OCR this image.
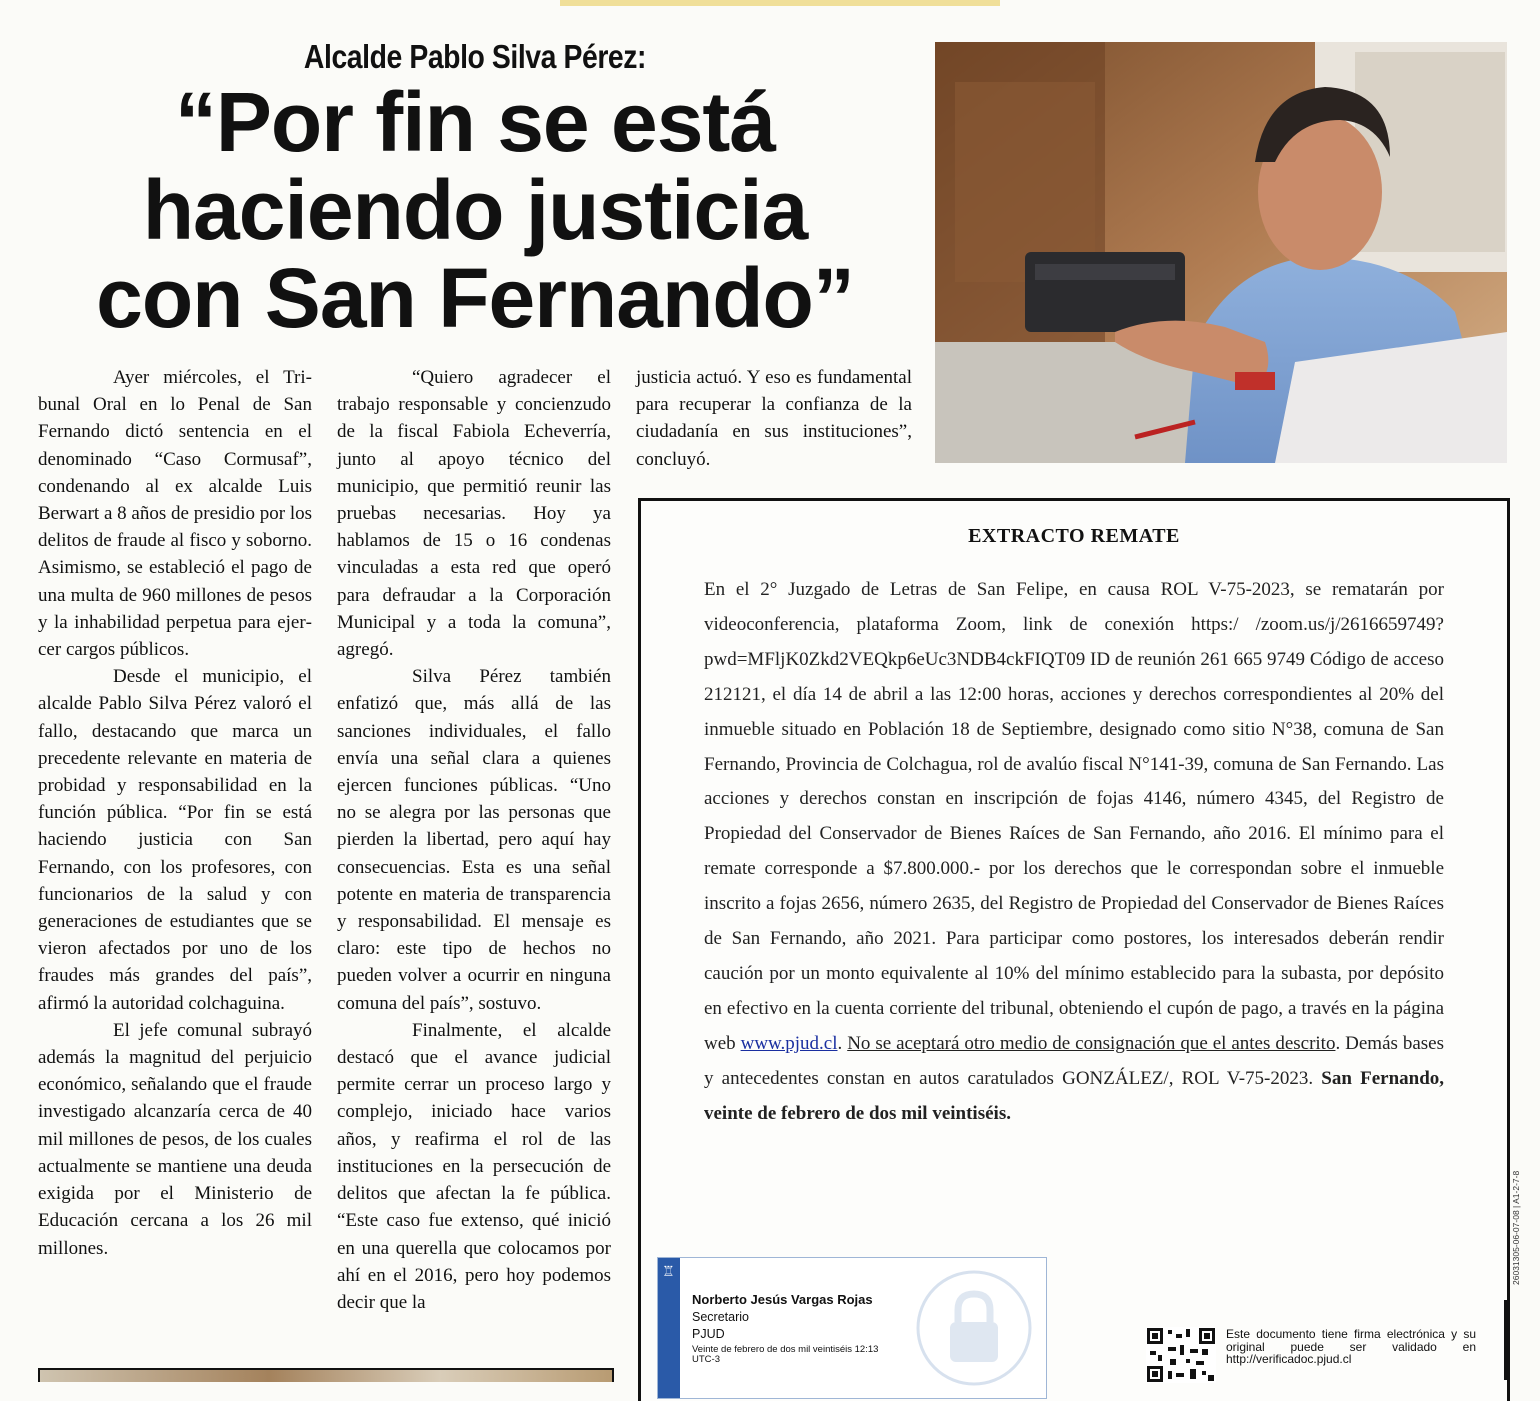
Alcalde Pablo Silva Pérez:
“Por fin se está
haciendo justicia
con San Fernando”

Ayer miércoles, el Tribunal Oral en lo Penal de San Fernando dictó sentencia en el denominado “Caso Cormusaf”, condenando al ex alcalde Luis Berwart a 8 años de presidio por los delitos de fraude al fisco y soborno. Asimismo, se estableció el pago de una multa de 960 millones de pesos y la inhabilidad perpetua para ejercer cargos públicos.

Desde el municipio, el alcalde Pablo Silva Pérez valoró el fallo, destacando que marca un precedente relevante en materia de probidad y responsabilidad en la función pública. “Por fin se está haciendo justicia con San Fernando, con los profesores, con funcionarios de la salud y con generaciones de estudiantes que se vieron afectados por uno de los fraudes más grandes del país”, afirmó la autoridad colchaguina.

El jefe comunal subrayó además la magnitud del perjuicio económico, señalando que el fraude investigado alcanzaría cerca de 40 mil millones de pesos, de los cuales actualmente se mantiene una deuda exigida por el Ministerio de Educación cercana a los 26 mil millones.

“Quiero agradecer el trabajo responsable y concienzudo de la fiscal Fabiola Echeverría, junto al apoyo técnico del municipio, que permitió reunir las pruebas necesarias. Hoy ya hablamos de 15 o 16 condenas vinculadas a esta red que operó para defraudar a la Corporación Municipal y a toda la comuna”, agregó.

Silva Pérez también enfatizó que, más allá de las sanciones individuales, el fallo envía una señal clara a quienes ejercen funciones públicas. “Uno no se alegra por las personas que pierden la libertad, pero aquí hay consecuencias. Esta es una señal potente en materia de transparencia y responsabilidad. El mensaje es claro: este tipo de hechos no pueden volver a ocurrir en ninguna comuna del país”, sostuvo.

Finalmente, el alcalde destacó que el avance judicial permite cerrar un proceso largo y complejo, iniciado hace varios años, y reafirma el rol de las instituciones en la persecución de delitos que afectan la fe pública. “Este caso fue extenso, qué inició en una querella que colocamos por ahí en el 2016, pero hoy podemos decir que la

justicia actuó. Y eso es fundamental para recuperar la confianza de la ciudadanía en sus instituciones”, concluyó.

EXTRACTO REMATE
En el 2° Juzgado de Letras de San Felipe, en causa ROL V-75-2023, se rematarán por videoconferencia, plataforma Zoom, link de conexión https:/ /zoom.us/j/2616659749?pwd=MFljK0Zkd2VEQkp6eUc3NDB4ckFIQT09 ID de reunión 261 665 9749 Código de acceso 212121, el día 14 de abril a las 12:00 horas, acciones y derechos correspondientes al 20% del inmueble situado en Población 18 de Septiembre, designado como sitio N°38, comuna de San Fernando, Provincia de Colchagua, rol de avalúo fiscal N°141-39, comuna de San Fernando. Las acciones y derechos constan en inscripción de fojas 4146, número 4345, del Registro de Propiedad del Conservador de Bienes Raíces de San Fernando, año 2016. El mínimo para el remate corresponde a $7.800.000.- por los derechos que le correspondan sobre el inmueble inscrito a fojas 2656, número 2635, del Registro de Propiedad del Conservador de Bienes Raíces de San Fernando, año 2021. Para participar como postores, los interesados deberán rendir caución por un monto equivalente al 10% del mínimo establecido para la subasta, por depósito en efectivo en la cuenta corriente del tribunal, obteniendo el cupón de pago, a través en la página web www.pjud.cl. No se aceptará otro medio de consignación que el antes descrito. Demás bases y antecedentes constan en autos caratulados GONZÁLEZ/, ROL V-75-2023. San Fernando, veinte de febrero de dos mil veintiséis.
♖
Norberto Jesús Vargas Rojas
Secretario
PJUD
Veinte de febrero de dos mil veintiséis 12:13 UTC-3
Este documento tiene firma electrónica y su original puede ser validado en http://verificadoc.pjud.cl
26031305-06-07-08 | A1-2-7-8
